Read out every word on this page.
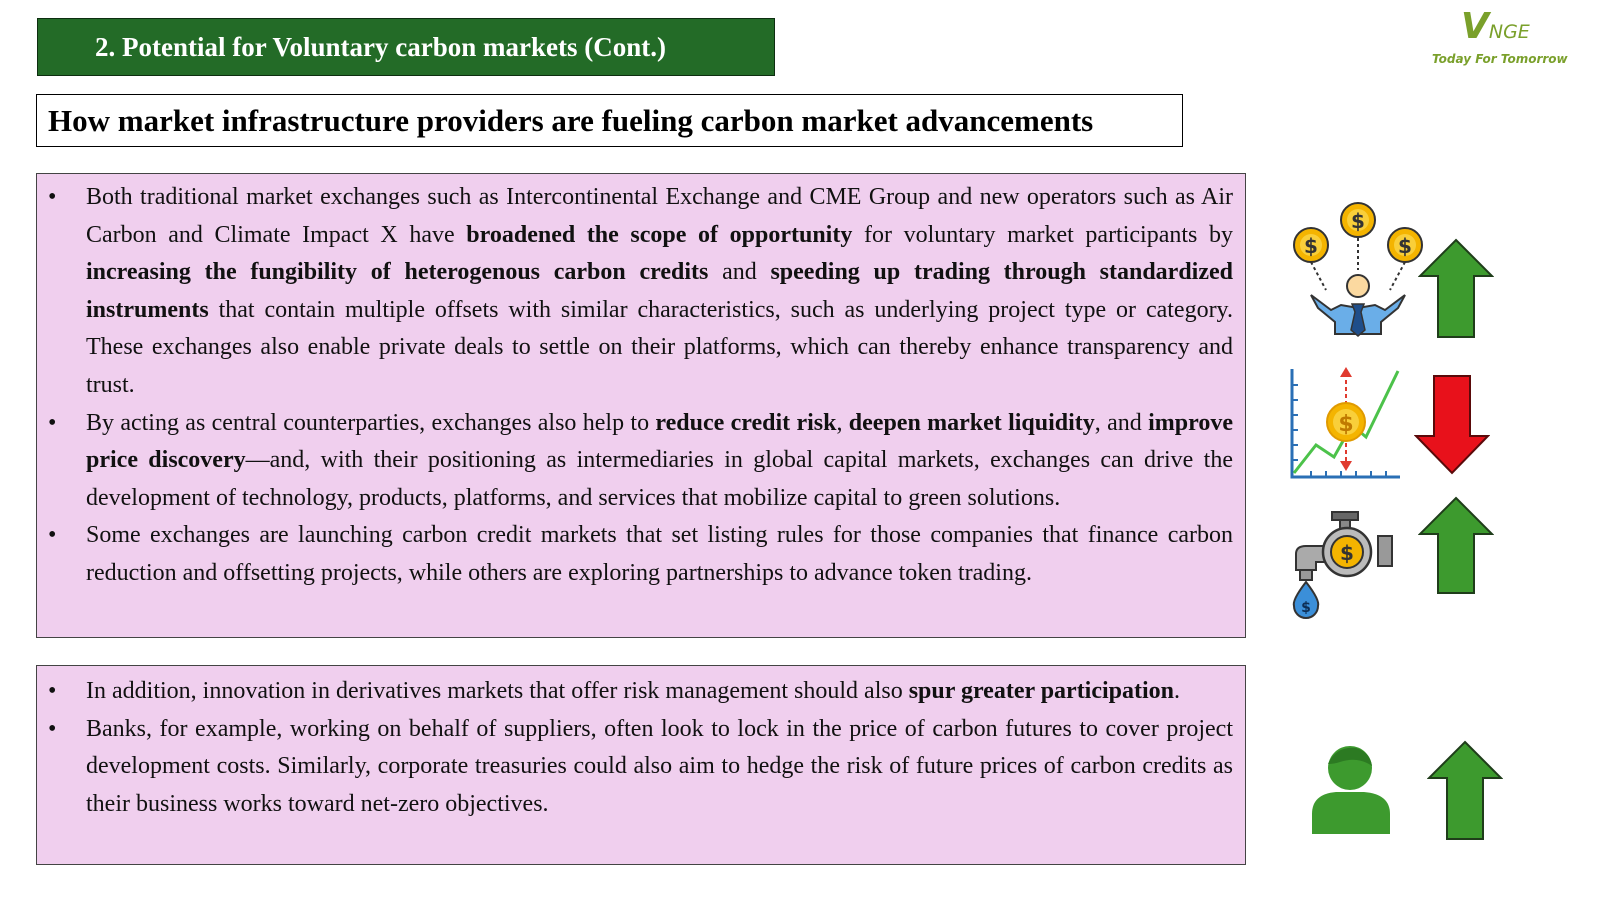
2. Potential for Voluntary carbon markets (Cont.)	VNGE
Today For Tomorrow
How market infrastructure providers are fueling carbon market advancements
• Both traditional market exchanges such as Intercontinental Exchange and CME Group and new operators such as Air Carbon and Climate Impact X have broadened the scope of opportunity for voluntary market participants by increasing the fungibility of heterogenous carbon credits and speeding up trading through standardized instruments that contain multiple offsets with similar characteristics, such as underlying project type or category. These exchanges also enable private deals to settle on their platforms, which can thereby enhance transparency and trust.
• By acting as central counterparties, exchanges also help to reduce credit risk, deepen market liquidity, and improve price discovery—and, with their positioning as intermediaries in global capital markets, exchanges can drive the development of technology, products, platforms, and services that mobilize capital to green solutions.
• Some exchanges are launching carbon credit markets that set listing rules for those companies that finance carbon reduction and offsetting projects, while others are exploring partnerships to advance token trading.
• In addition, innovation in derivatives markets that offer risk management should also spur greater participation.
• Banks, for example, working on behalf of suppliers, often look to lock in the price of carbon futures to cover project development costs. Similarly, corporate treasuries could also aim to hedge the risk of future prices of carbon credits as their business works toward net-zero objectives.
$
$	$
$
$
$
